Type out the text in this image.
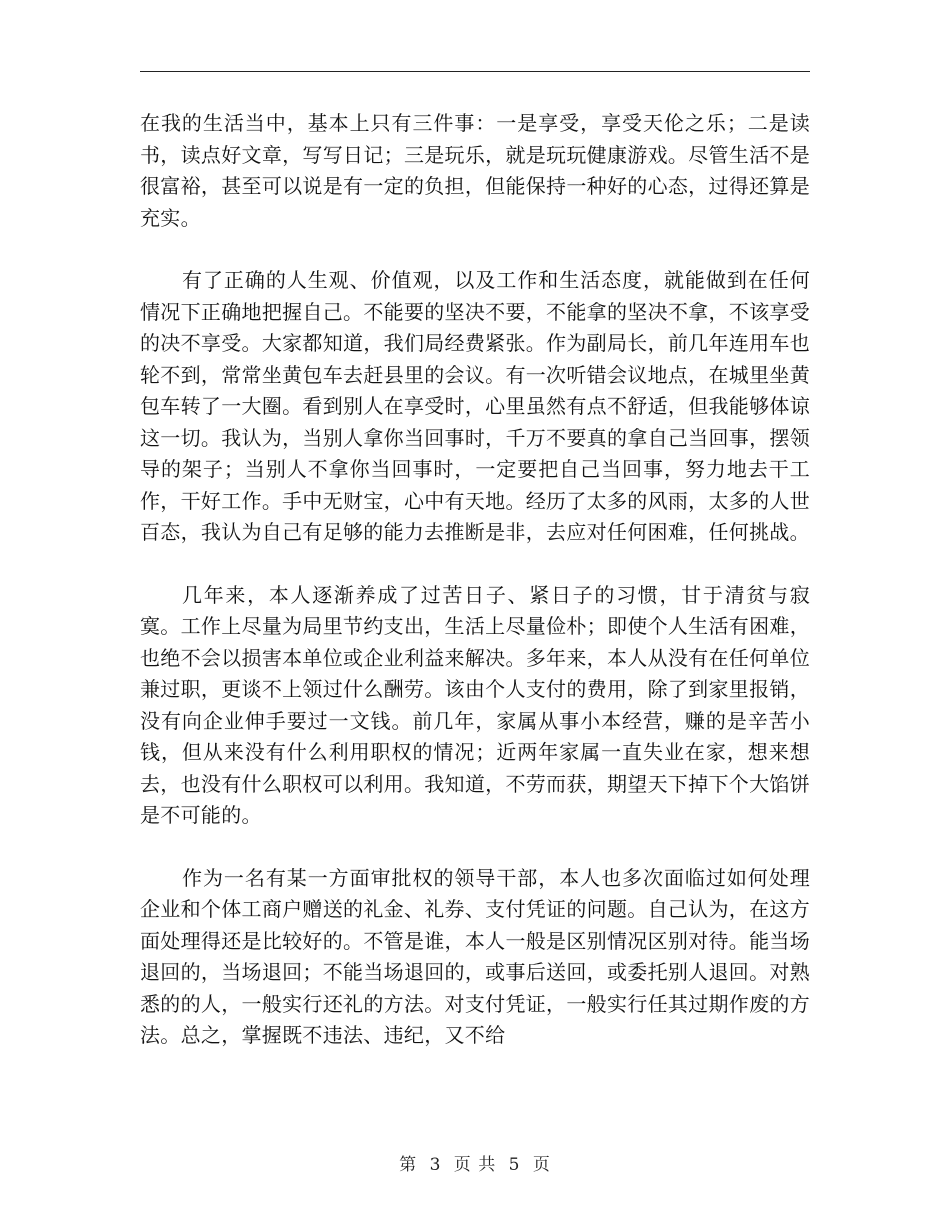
在我的生活当中，基本上只有三件事：一是享受，享受天伦之乐；二是读书，读点好文章，写写日记；三是玩乐，就是玩玩健康游戏。尽管生活不是很富裕，甚至可以说是有一定的负担，但能保持一种好的心态，过得还算是充实。

有了正确的人生观、价值观，以及工作和生活态度，就能做到在任何情况下正确地把握自己。不能要的坚决不要，不能拿的坚决不拿，不该享受的决不享受。大家都知道，我们局经费紧张。作为副局长，前几年连用车也轮不到，常常坐黄包车去赶县里的会议。有一次听错会议地点，在城里坐黄包车转了一大圈。看到别人在享受时，心里虽然有点不舒适，但我能够体谅这一切。我认为，当别人拿你当回事时，千万不要真的拿自己当回事，摆领导的架子；当别人不拿你当回事时，一定要把自己当回事，努力地去干工作，干好工作。手中无财宝，心中有天地。经历了太多的风雨，太多的人世百态，我认为自己有足够的能力去推断是非，去应对任何困难，任何挑战。

几年来，本人逐渐养成了过苦日子、紧日子的习惯，甘于清贫与寂寞。工作上尽量为局里节约支出，生活上尽量俭朴；即使个人生活有困难，也绝不会以损害本单位或企业利益来解决。多年来，本人从没有在任何单位兼过职，更谈不上领过什么酬劳。该由个人支付的费用，除了到家里报销，没有向企业伸手要过一文钱。前几年，家属从事小本经营，赚的是辛苦小钱，但从来没有什么利用职权的情况；近两年家属一直失业在家，想来想去，也没有什么职权可以利用。我知道，不劳而获，期望天下掉下个大馅饼是不可能的。

作为一名有某一方面审批权的领导干部，本人也多次面临过如何处理企业和个体工商户赠送的礼金、礼券、支付凭证的问题。自己认为，在这方面处理得还是比较好的。不管是谁，本人一般是区别情况区别对待。能当场退回的，当场退回；不能当场退回的，或事后送回，或委托别人退回。对熟悉的的人，一般实行还礼的方法。对支付凭证，一般实行任其过期作废的方法。总之，掌握既不违法、违纪，又不给

第 3 页 共 5 页
